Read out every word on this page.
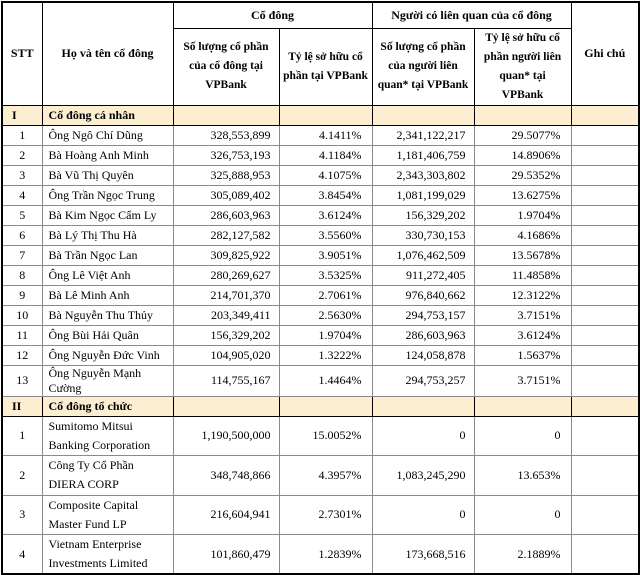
STT	Họ và tên cổ đông	Cổ đông		Người có liên quan của cổ đông		Ghi chú
		Số lượng cổ phần của cổ đông tại VPBank	Tỷ lệ sở hữu cổ phần tại VPBank	Số lượng cổ phần của người liên quan* tại VPBank	Tỷ lệ sở hữu cổ phần người liên quan* tại VPBank	
I	Cổ đông cá nhân					
1	Ông Ngô Chí Dũng	328,553,899	4.1411%	2,341,122,217	29.5077%	
2	Bà Hoàng Anh Minh	326,753,193	4.1184%	1,181,406,759	14.8906%	
3	Bà Vũ Thị Quyên	325,888,953	4.1075%	2,343,303,802	29.5352%	
4	Ông Trần Ngọc Trung	305,089,402	3.8454%	1,081,199,029	13.6275%	
5	Bà Kim Ngọc Cẩm Ly	286,603,963	3.6124%	156,329,202	1.9704%	
6	Bà Lý Thị Thu Hà	282,127,582	3.5560%	330,730,153	4.1686%	
7	Bà Trần Ngọc Lan	309,825,922	3.9051%	1,076,462,509	13.5678%	
8	Ông Lê Việt Anh	280,269,627	3.5325%	911,272,405	11.4858%	
9	Bà Lê Minh Anh	214,701,370	2.7061%	976,840,662	12.3122%	
10	Bà Nguyễn Thu Thủy	203,349,411	2.5630%	294,753,157	3.7151%	
11	Ông Bùi Hải Quân	156,329,202	1.9704%	286,603,963	3.6124%	
12	Ông Nguyễn Đức Vinh	104,905,020	1.3222%	124,058,878	1.5637%	
13	Ông Nguyễn Mạnh Cường	114,755,167	1.4464%	294,753,257	3.7151%	
II	Cổ đông tổ chức					
1	Sumitomo Mitsui Banking Corporation	1,190,500,000	15.0052%	0	0	
2	Công Ty Cổ Phần DIERA CORP	348,748,866	4.3957%	1,083,245,290	13.653%	
3	Composite Capital Master Fund LP	216,604,941	2.7301%	0	0	
4	Vietnam Enterprise Investments Limited	101,860,479	1.2839%	173,668,516	2.1889%	
